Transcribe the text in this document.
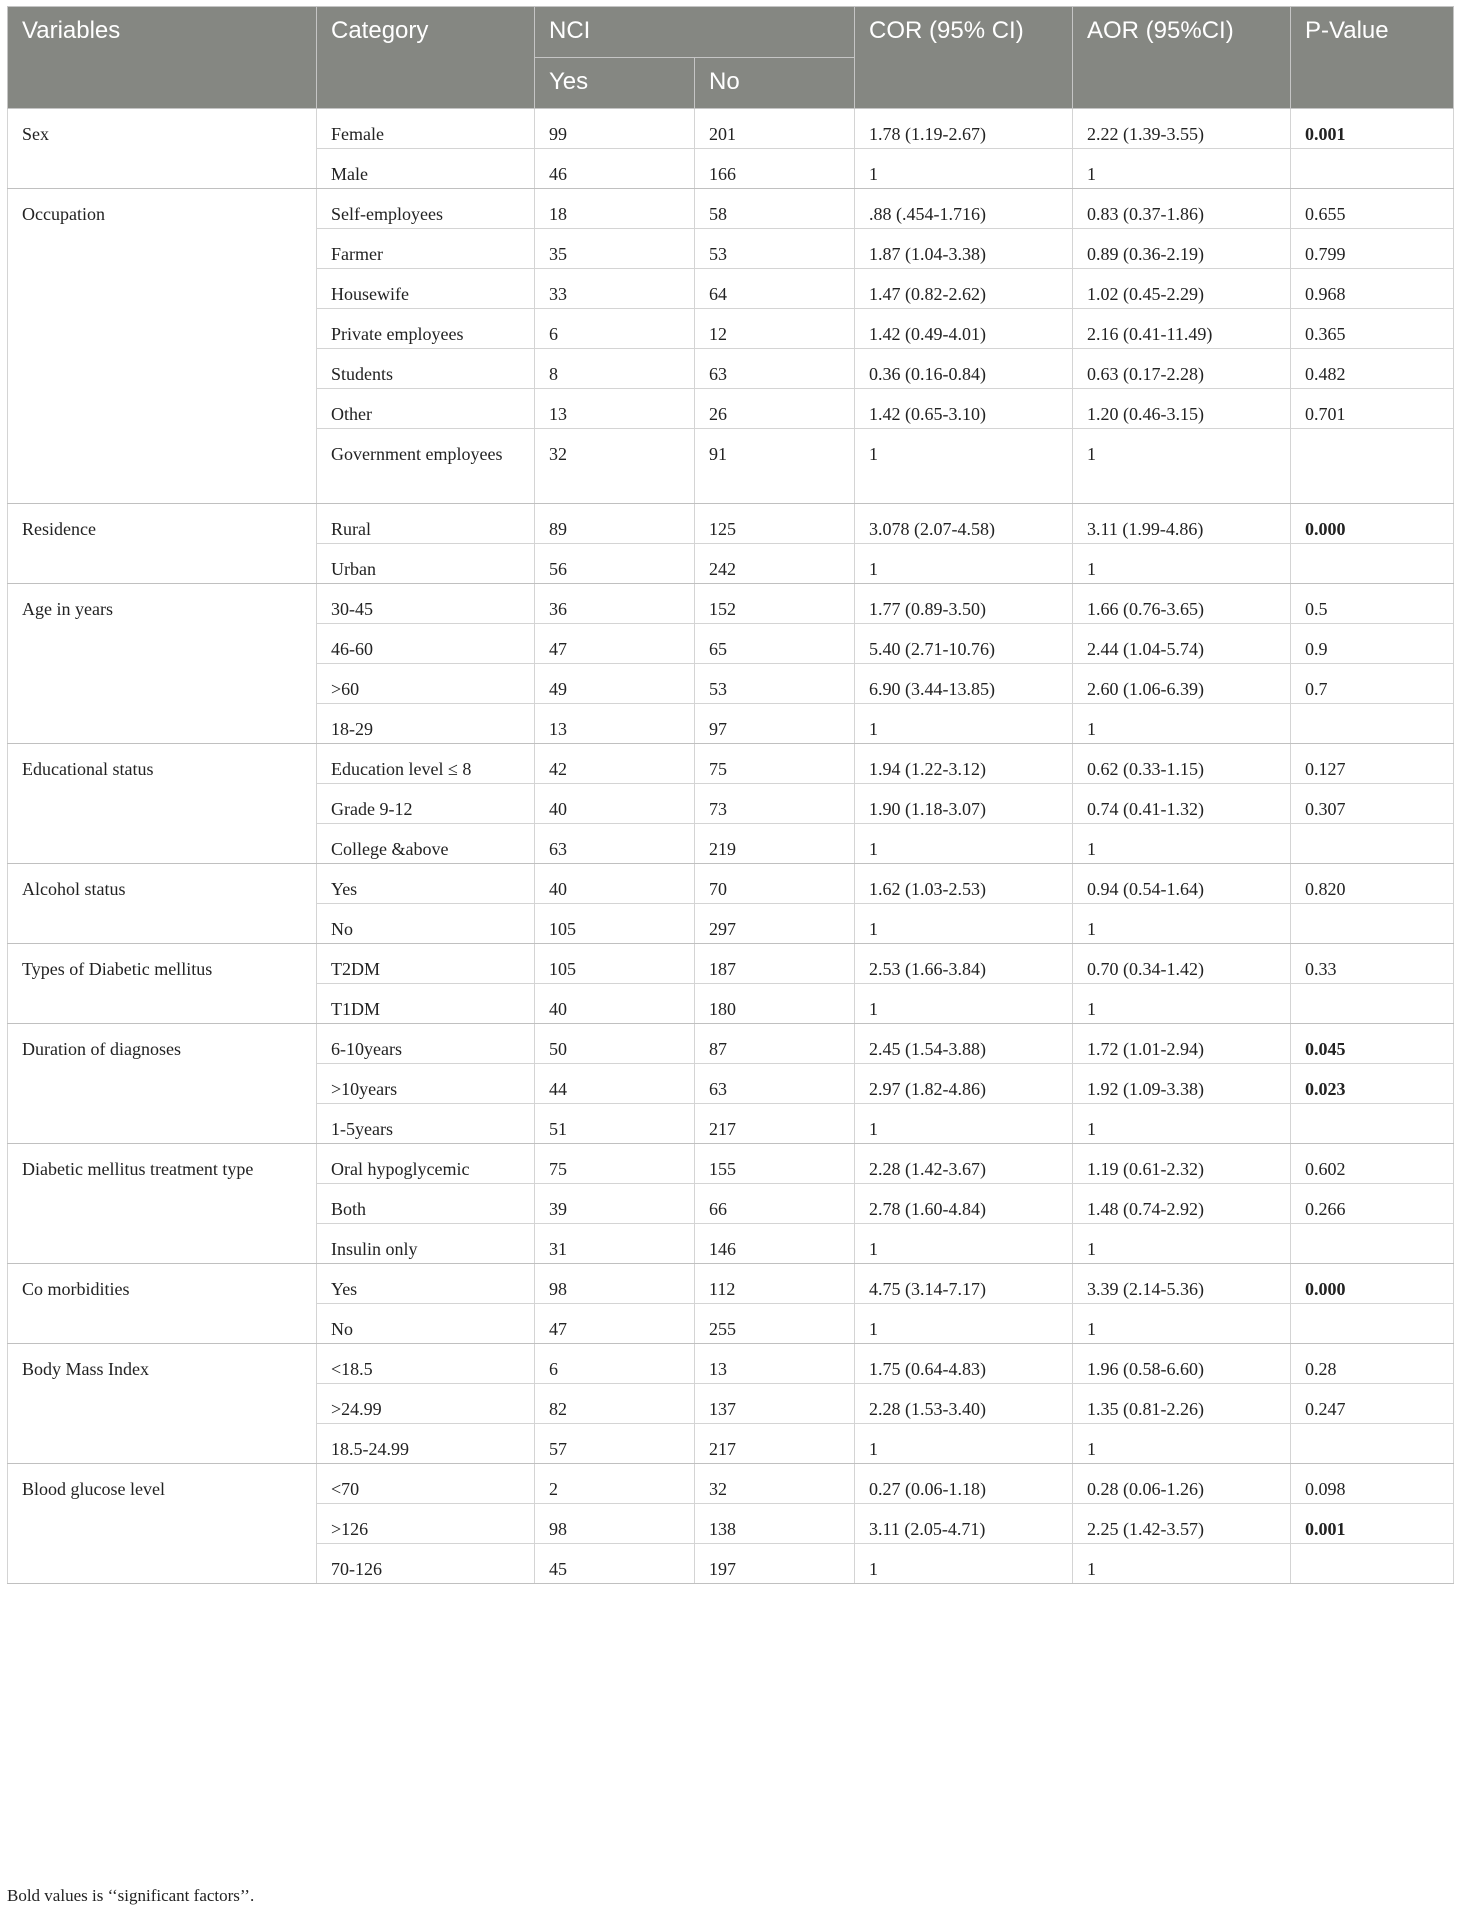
Variables	Category	NCI		COR (95% CI)	AOR (95%CI)	P-Value
		Yes	No			
Sex	Female	99	201	1.78 (1.19-2.67)	2.22 (1.39-3.55)	0.001
	Male	46	166	1	1	
Occupation	Self-employees	18	58	.88 (.454-1.716)	0.83 (0.37-1.86)	0.655
	Farmer	35	53	1.87 (1.04-3.38)	0.89 (0.36-2.19)	0.799
	Housewife	33	64	1.47 (0.82-2.62)	1.02 (0.45-2.29)	0.968
	Private employees	6	12	1.42 (0.49-4.01)	2.16 (0.41-11.49)	0.365
	Students	8	63	0.36 (0.16-0.84)	0.63 (0.17-2.28)	0.482
	Other	13	26	1.42 (0.65-3.10)	1.20 (0.46-3.15)	0.701
	Government employees	32	91	1	1	
Residence	Rural	89	125	3.078 (2.07-4.58)	3.11 (1.99-4.86)	0.000
	Urban	56	242	1	1	
Age in years	30-45	36	152	1.77 (0.89-3.50)	1.66 (0.76-3.65)	0.5
	46-60	47	65	5.40 (2.71-10.76)	2.44 (1.04-5.74)	0.9
	>60	49	53	6.90 (3.44-13.85)	2.60 (1.06-6.39)	0.7
	18-29	13	97	1	1	
Educational status	Education level ≤ 8	42	75	1.94 (1.22-3.12)	0.62 (0.33-1.15)	0.127
	Grade 9-12	40	73	1.90 (1.18-3.07)	0.74 (0.41-1.32)	0.307
	College &above	63	219	1	1	
Alcohol status	Yes	40	70	1.62 (1.03-2.53)	0.94 (0.54-1.64)	0.820
	No	105	297	1	1	
Types of Diabetic mellitus	T2DM	105	187	2.53 (1.66-3.84)	0.70 (0.34-1.42)	0.33
	T1DM	40	180	1	1	
Duration of diagnoses	6-10years	50	87	2.45 (1.54-3.88)	1.72 (1.01-2.94)	0.045
	>10years	44	63	2.97 (1.82-4.86)	1.92 (1.09-3.38)	0.023
	1-5years	51	217	1	1	
Diabetic mellitus treatment type	Oral hypoglycemic	75	155	2.28 (1.42-3.67)	1.19 (0.61-2.32)	0.602
	Both	39	66	2.78 (1.60-4.84)	1.48 (0.74-2.92)	0.266
	Insulin only	31	146	1	1	
Co morbidities	Yes	98	112	4.75 (3.14-7.17)	3.39 (2.14-5.36)	0.000
	No	47	255	1	1	
Body Mass Index	<18.5	6	13	1.75 (0.64-4.83)	1.96 (0.58-6.60)	0.28
	>24.99	82	137	2.28 (1.53-3.40)	1.35 (0.81-2.26)	0.247
	18.5-24.99	57	217	1	1	
Blood glucose level	<70	2	32	0.27 (0.06-1.18)	0.28 (0.06-1.26)	0.098
	>126	98	138	3.11 (2.05-4.71)	2.25 (1.42-3.57)	0.001
	70-126	45	197	1	1	
Bold values is ‘‘significant factors’’.
